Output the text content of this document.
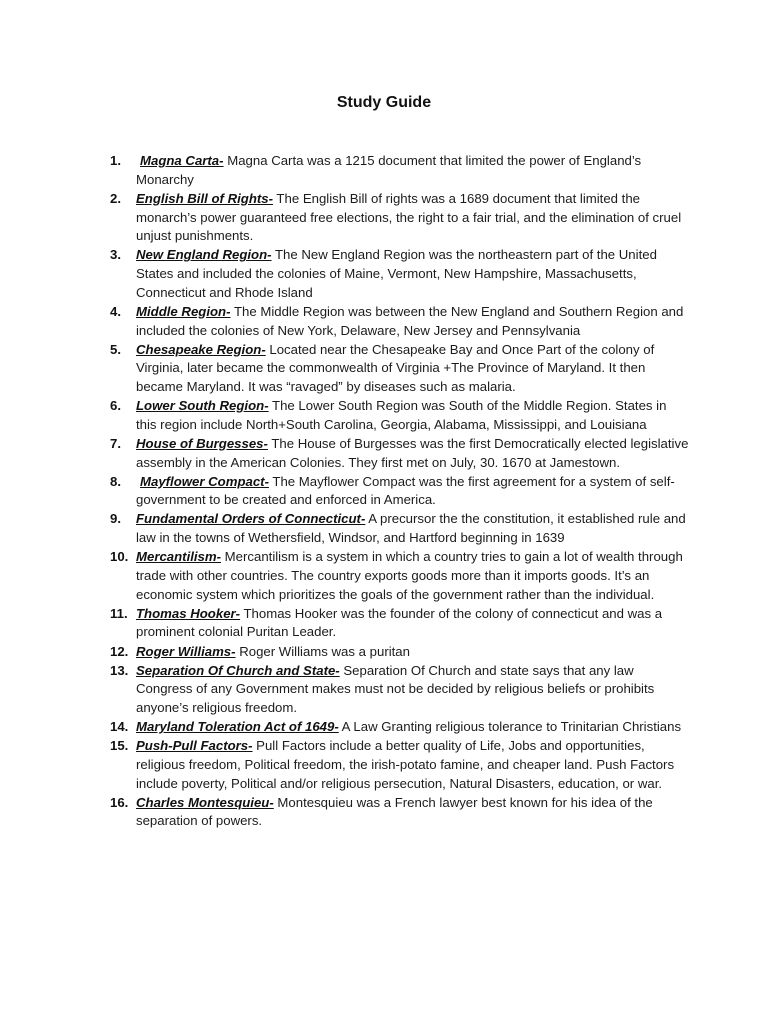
Study Guide
1. Magna Carta- Magna Carta was a 1215 document that limited the power of England’s Monarchy
2. English Bill of Rights- The English Bill of rights was a 1689 document that limited the monarch’s power guaranteed free elections, the right to a fair trial, and the elimination of cruel unjust punishments.
3. New England Region- The New England Region was the northeastern part of the United States and included the colonies of Maine, Vermont, New Hampshire, Massachusetts, Connecticut and Rhode Island
4. Middle Region- The Middle Region was between the New England and Southern Region and included the colonies of New York, Delaware, New Jersey and Pennsylvania
5. Chesapeake Region- Located near the Chesapeake Bay and Once Part of the colony of Virginia, later became the commonwealth of Virginia +The Province of Maryland. It then became Maryland. It was “ravaged” by diseases such as malaria.
6. Lower South Region- The Lower South Region was South of the Middle Region. States in this region include North+South Carolina, Georgia, Alabama, Mississippi, and Louisiana
7. House of Burgesses- The House of Burgesses was the first Democratically elected legislative assembly in the American Colonies. They first met on July, 30. 1670 at Jamestown.
8. Mayflower Compact- The Mayflower Compact was the first agreement for a system of self-government to be created and enforced in America.
9. Fundamental Orders of Connecticut- A precursor the the constitution, it established rule and law in the towns of Wethersfield, Windsor, and Hartford beginning in 1639
10. Mercantilism- Mercantilism is a system in which a country tries to gain a lot of wealth through trade with other countries. The country exports goods more than it imports goods. It’s an economic system which prioritizes the goals of the government rather than the individual.
11. Thomas Hooker- Thomas Hooker was the founder of the colony of connecticut and was a prominent colonial Puritan Leader.
12. Roger Williams- Roger Williams was a puritan
13. Separation Of Church and State- Separation Of Church and state says that any law Congress of any Government makes must not be decided by religious beliefs or prohibits anyone’s religious freedom.
14. Maryland Toleration Act of 1649- A Law Granting religious tolerance to Trinitarian Christians
15. Push-Pull Factors- Pull Factors include a better quality of Life, Jobs and opportunities, religious freedom, Political freedom, the irish-potato famine, and cheaper land. Push Factors include poverty, Political and/or religious persecution, Natural Disasters, education, or war.
16. Charles Montesquieu- Montesquieu was a French lawyer best known for his idea of the separation of powers.
